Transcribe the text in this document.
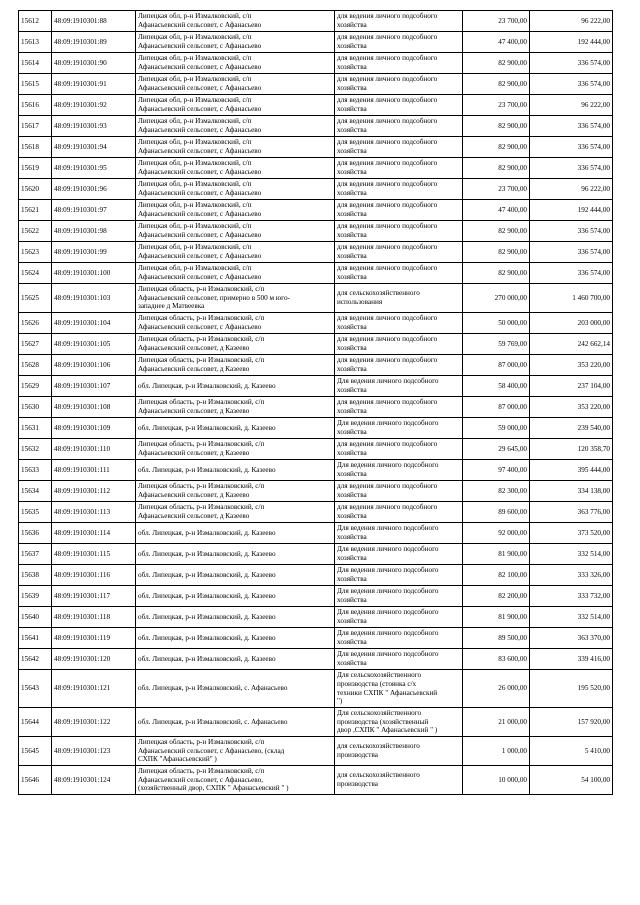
15612	48:09:1910301:88	Липецкая обл, р-н Измалковский, с/п
Афанасьевский сельсовет, с Афанасьево	для ведения личного подсобного
хозяйства	23 700,00	96 222,00
15613	48:09:1910301:89	Липецкая обл, р-н Измалковский, с/п
Афанасьевский сельсовет, с Афанасьево	для ведения личного подсобного
хозяйства	47 400,00	192 444,00
15614	48:09:1910301:90	Липецкая обл, р-н Измалковский, с/п
Афанасьевский сельсовет, с Афанасьево	для ведения личного подсобного
хозяйства	82 900,00	336 574,00
15615	48:09:1910301:91	Липецкая обл, р-н Измалковский, с/п
Афанасьевский сельсовет, с Афанасьево	для ведения личного подсобного
хозяйства	82 900,00	336 574,00
15616	48:09:1910301:92	Липецкая обл, р-н Измалковский, с/п
Афанасьевский сельсовет, с Афанасьево	для ведения личного подсобного
хозяйства	23 700,00	96 222,00
15617	48:09:1910301:93	Липецкая обл, р-н Измалковский, с/п
Афанасьевский сельсовет, с Афанасьево	для ведения личного подсобного
хозяйства	82 900,00	336 574,00
15618	48:09:1910301:94	Липецкая обл, р-н Измалковский, с/п
Афанасьевский сельсовет, с Афанасьево	для ведения личного подсобного
хозяйства	82 900,00	336 574,00
15619	48:09:1910301:95	Липецкая обл, р-н Измалковский, с/п
Афанасьевский сельсовет, с Афанасьево	для ведения личного подсобного
хозяйства	82 900,00	336 574,00
15620	48:09:1910301:96	Липецкая обл, р-н Измалковский, с/п
Афанасьевский сельсовет, с Афанасьево	для ведения личного подсобного
хозяйства	23 700,00	96 222,00
15621	48:09:1910301:97	Липецкая обл, р-н Измалковский, с/п
Афанасьевский сельсовет, с Афанасьево	для ведения личного подсобного
хозяйства	47 400,00	192 444,00
15622	48:09:1910301:98	Липецкая обл, р-н Измалковский, с/п
Афанасьевский сельсовет, с Афанасьево	для ведения личного подсобного
хозяйства	82 900,00	336 574,00
15623	48:09:1910301:99	Липецкая обл, р-н Измалковский, с/п
Афанасьевский сельсовет, с Афанасьево	для ведения личного подсобного
хозяйства	82 900,00	336 574,00
15624	48:09:1910301:100	Липецкая обл, р-н Измалковский, с/п
Афанасьевский сельсовет, с Афанасьево	для ведения личного подсобного
хозяйства	82 900,00	336 574,00
15625	48:09:1910301:103	Липецкая область, р-н Измалковский, с/п
Афанасьевский сельсовет, примерно в 500 м юго-
западнее д Матвеевка	для сельскохозяйственного
использования	270 000,00	1 460 700,00
15626	48:09:1910301:104	Липецкая область, р-н Измалковский, с/п
Афанасьевский сельсовет, с Афанасьево	для ведения личного подсобного
хозяйства	50 000,00	203 000,00
15627	48:09:1910301:105	Липецкая область, р-н Измалковский, с/п
Афанасьевский сельсовет, д Казеево	для ведения личного подсобного
хозяйства	59 769,00	242 662,14
15628	48:09:1910301:106	Липецкая область, р-н Измалковский, с/п
Афанасьевский сельсовет, д Казеево	для ведения личного подсобного
хозяйства	87 000,00	353 220,00
15629	48:09:1910301:107	обл. Липецкая, р-н Измалковский, д. Казеево	Для ведения личного подсобного
хозяйства	58 400,00	237 104,00
15630	48:09:1910301:108	Липецкая область, р-н Измалковский, с/п
Афанасьевский сельсовет, д Казеево	для ведения личного подсобного
хозяйства	87 000,00	353 220,00
15631	48:09:1910301:109	обл. Липецкая, р-н Измалковский, д. Казеево	Для ведения личного подсобного
хозяйства	59 000,00	239 540,00
15632	48:09:1910301:110	Липецкая область, р-н Измалковский, с/п
Афанасьевский сельсовет, д Казеево	для ведения личного подсобного
хозяйства	29 645,00	120 358,70
15633	48:09:1910301:111	обл. Липецкая, р-н Измалковский, д. Казеево	Для ведения личного подсобного
хозяйства	97 400,00	395 444,00
15634	48:09:1910301:112	Липецкая область, р-н Измалковский, с/п
Афанасьевский сельсовет, д Казеево	для ведения личного подсобного
хозяйства	82 300,00	334 138,00
15635	48:09:1910301:113	Липецкая область, р-н Измалковский, с/п
Афанасьевский сельсовет, д Казеево	для ведения личного подсобного
хозяйства	89 600,00	363 776,00
15636	48:09:1910301:114	обл. Липецкая, р-н Измалковский, д. Казеево	Для ведения личного подсобного
хозяйства	92 000,00	373 520,00
15637	48:09:1910301:115	обл. Липецкая, р-н Измалковский, д. Казеево	Для ведения личного подсобного
хозяйства	81 900,00	332 514,00
15638	48:09:1910301:116	обл. Липецкая, р-н Измалковский, д. Казеево	Для ведения личного подсобного
хозяйства	82 100,00	333 326,00
15639	48:09:1910301:117	обл. Липецкая, р-н Измалковский, д. Казеево	Для ведения личного подсобного
хозяйства	82 200,00	333 732,00
15640	48:09:1910301:118	обл. Липецкая, р-н Измалковский, д. Казеево	Для ведения личного подсобного
хозяйства	81 900,00	332 514,00
15641	48:09:1910301:119	обл. Липецкая, р-н Измалковский, д. Казеево	Для ведения личного подсобного
хозяйства	89 500,00	363 370,00
15642	48:09:1910301:120	обл. Липецкая, р-н Измалковский, д. Казеево	Для ведения личного подсобного
хозяйства	83 600,00	339 416,00
15643	48:09:1910301:121	обл. Липецкая, р-н Измалковский, с. Афанасьево	Для сельскохозяйственного
производства (стоянка с/х
техники СХПК " Афанасьевский
")	26 000,00	195 520,00
15644	48:09:1910301:122	обл. Липецкая, р-н Измалковский, с. Афанасьево	Для сельскохозяйственного
производства (хозяйственный
двор ,СХПК " Афанасьевский " )	21 000,00	157 920,00
15645	48:09:1910301:123	Липецкая область, р-н Измалковский, с/п
Афанасьевский сельсовет, с Афанасьево, (склад
СХПК "Афанасьевский" )	для сельскохозяйственного
производства	1 000,00	5 410,00
15646	48:09:1910301:124	Липецкая область, р-н Измалковский, с/п
Афанасьевский сельсовет, с Афанасьево,
(хозяйственный двор, СХПК " Афанасьевский " )	для сельскохозяйственного
производства	10 000,00	54 100,00
